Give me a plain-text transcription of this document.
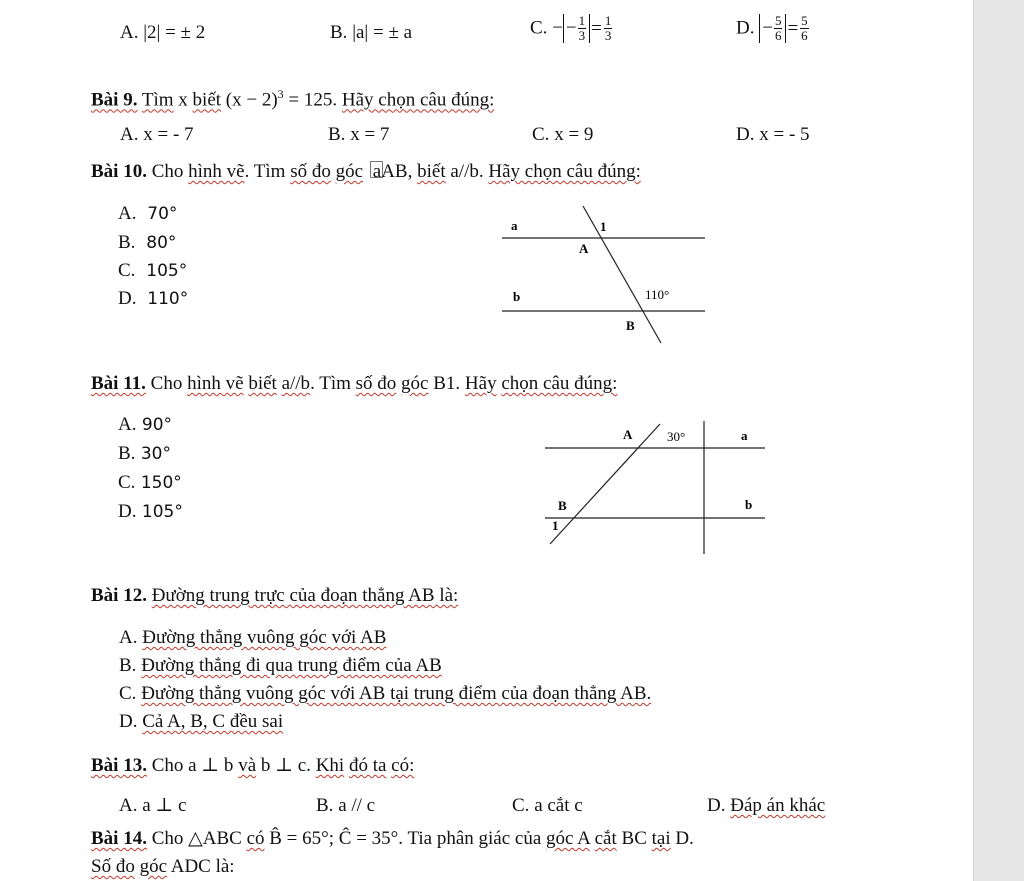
A. |2| = ± 2	B. |a| = ± a	C. − − $\frac{1}{3} = \frac{1}{3}$	D. − $\frac{5}{6} = \frac{5}{6}$
Bài 9. Tìm x biết $(x - 2)^3 = 125$. Hãy chọn câu đúng:
A. x = - 7	B. x = 7	C. x = 9	D. x = - 5
Bài 10. Cho hình vẽ. Tìm số đo góc aAB, biết a//b. Hãy chọn câu đúng:
A. 70°
B. 80°
C. 105°
D. 110°
a	1
A
b	110°
B
Bài 11. Cho hình vẽ biết a//b. Tìm số đo góc B1. Hãy chọn câu đúng:
A. 90°
B. 30°
C. 150°
D. 105°
A	30°	a
B	b
1
Bài 12. Đường trung trực của đoạn thẳng AB là:
A. Đường thẳng vuông góc với AB
B. Đường thẳng đi qua trung điểm của AB
C. Đường thẳng vuông góc với AB tại trung điểm của đoạn thẳng AB.
D. Cả A, B, C đều sai
Bài 13. Cho a ⊥ b và b ⊥ c. Khi đó ta có:
A. a ⊥ c	B. a // c	C. a cắt c	D. Đáp án khác
Bài 14. Cho △ABC có B̂ = 65°; Ĉ = 35°. Tia phân giác của góc A cắt BC tại D.
Số đo góc ADC là:
